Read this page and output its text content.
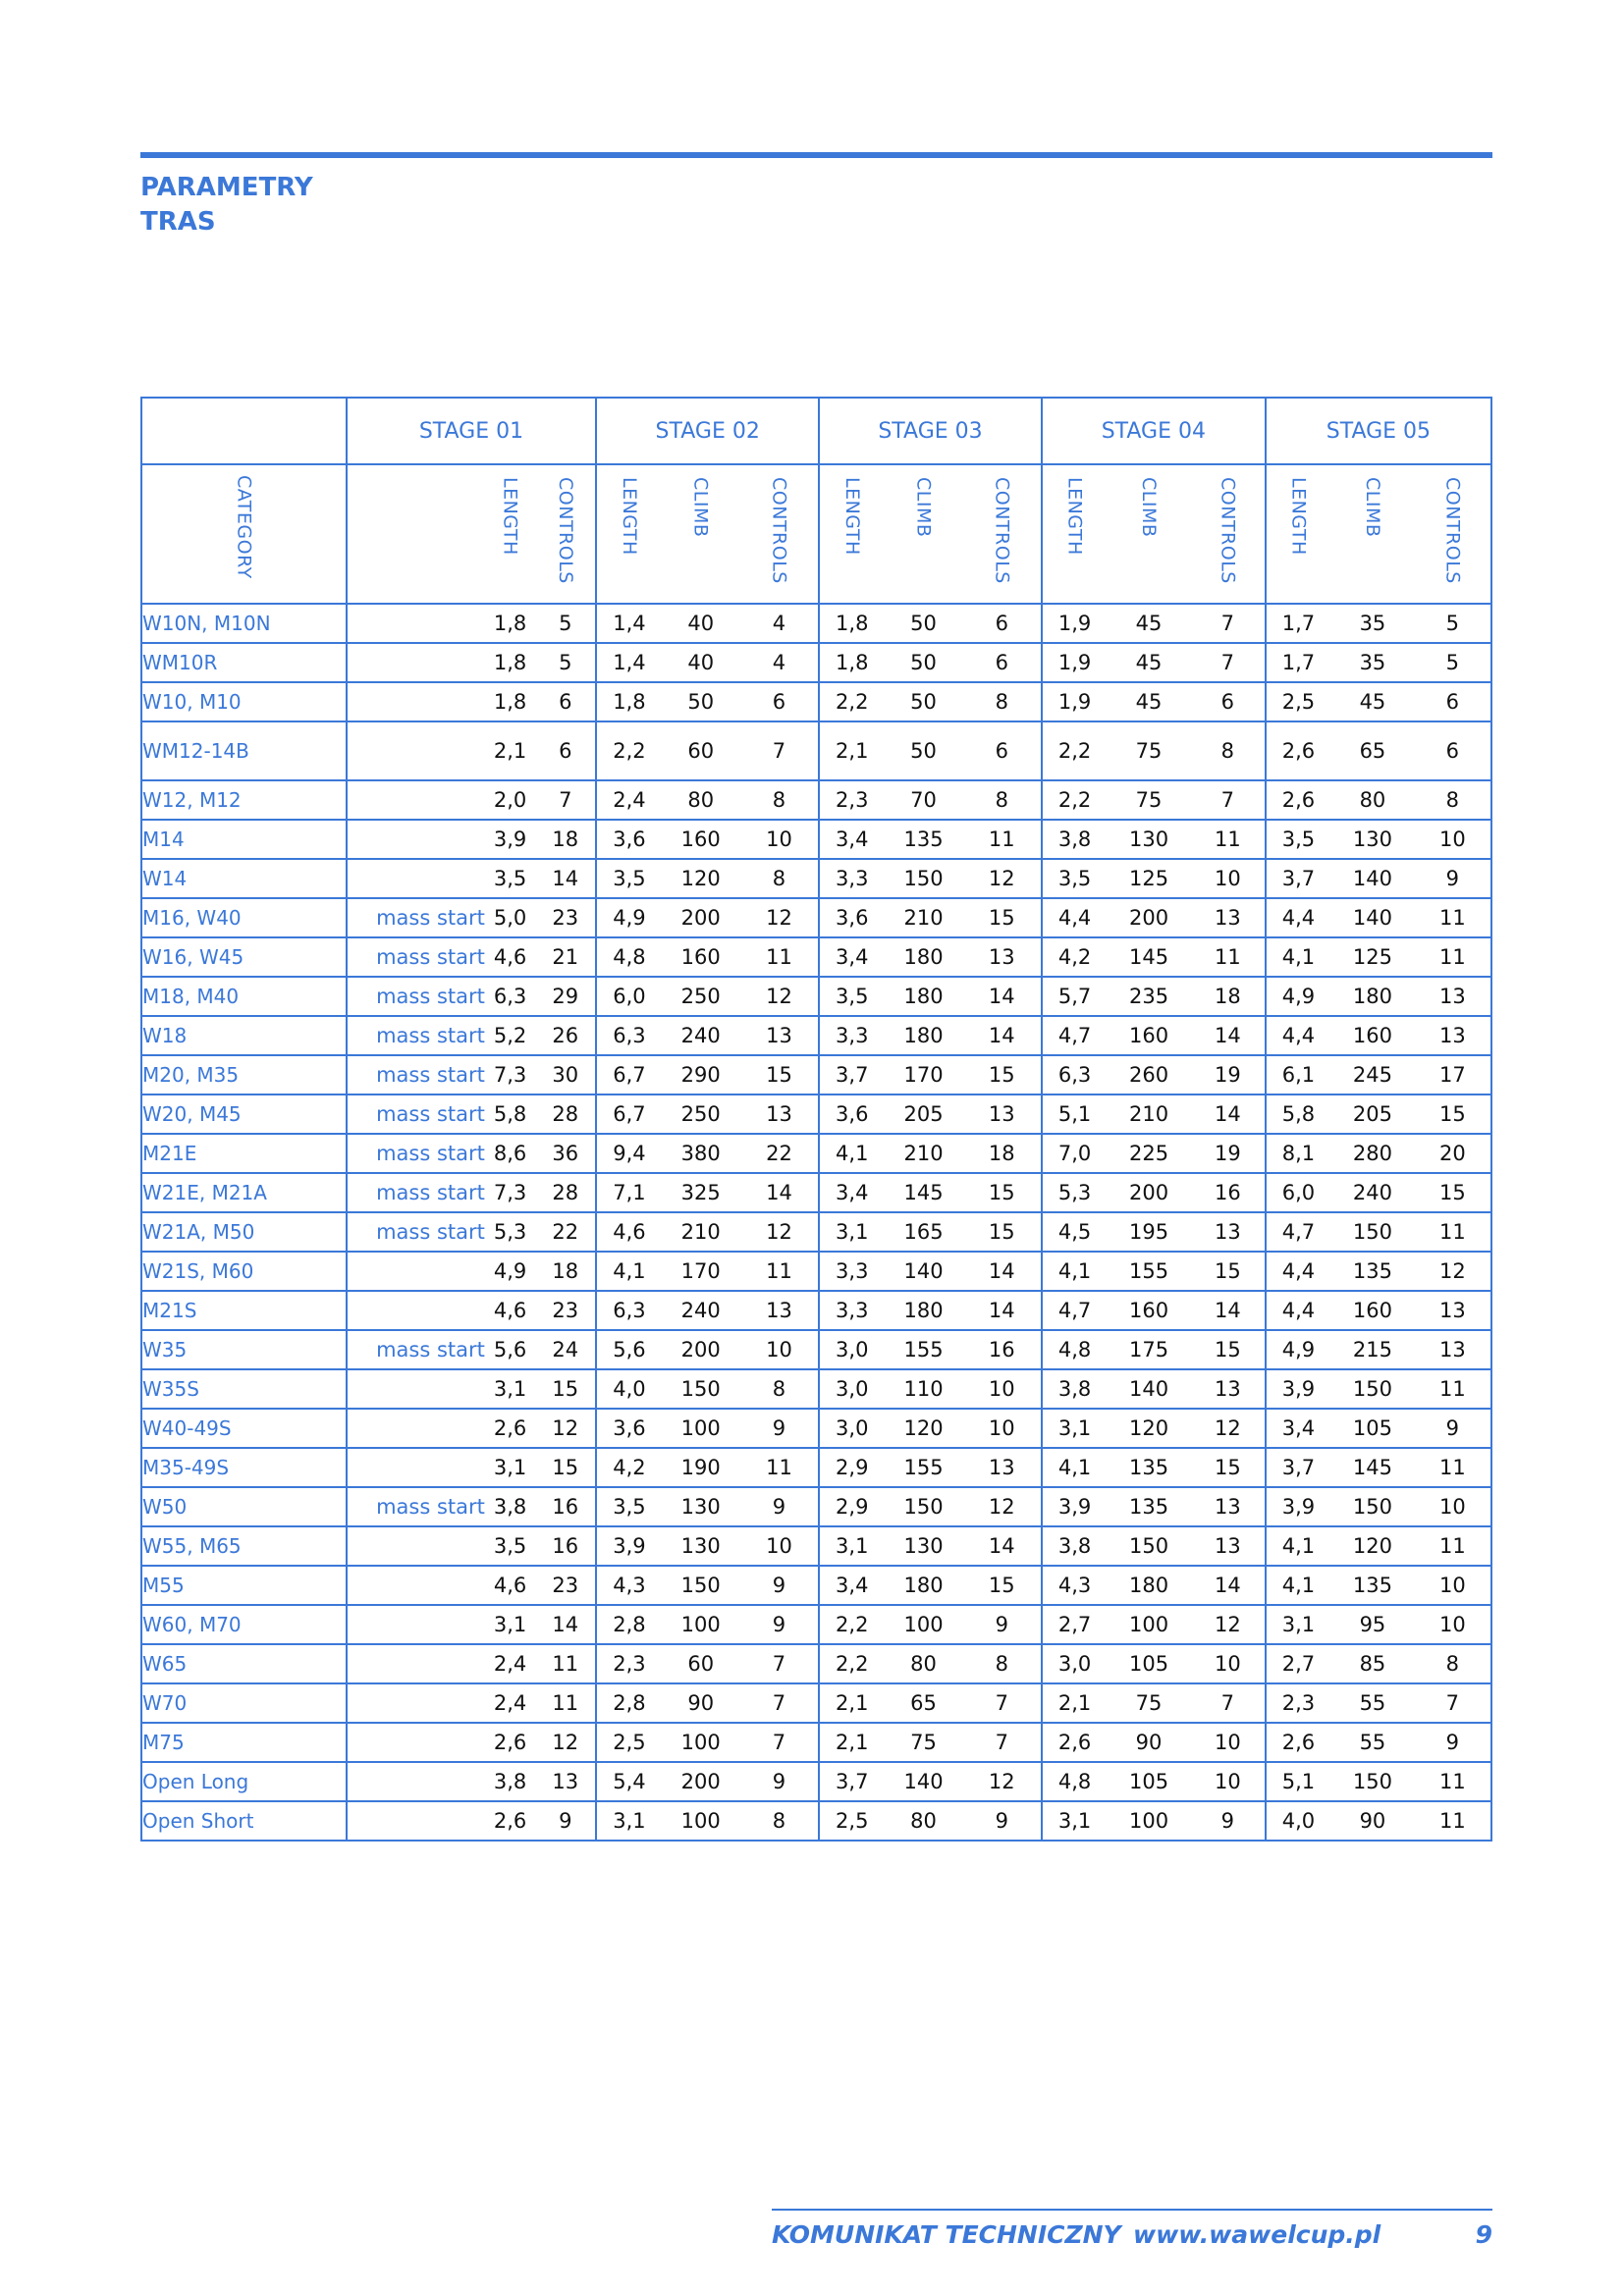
PARAMETRY
TRAS
	STAGE 01			STAGE 02			STAGE 03			STAGE 04			STAGE 05		
CATEGORY		LENGTH	CONTROLS	LENGTH	CLIMB	CONTROLS	LENGTH	CLIMB	CONTROLS	LENGTH	CLIMB	CONTROLS	LENGTH	CLIMB	CONTROLS
W10N, M10N		1,8	5	1,4	40	4	1,8	50	6	1,9	45	7	1,7	35	5
WM10R		1,8	5	1,4	40	4	1,8	50	6	1,9	45	7	1,7	35	5
W10, M10		1,8	6	1,8	50	6	2,2	50	8	1,9	45	6	2,5	45	6
WM12-14B		2,1	6	2,2	60	7	2,1	50	6	2,2	75	8	2,6	65	6
W12, M12		2,0	7	2,4	80	8	2,3	70	8	2,2	75	7	2,6	80	8
M14		3,9	18	3,6	160	10	3,4	135	11	3,8	130	11	3,5	130	10
W14		3,5	14	3,5	120	8	3,3	150	12	3,5	125	10	3,7	140	9
M16, W40	mass start	5,0	23	4,9	200	12	3,6	210	15	4,4	200	13	4,4	140	11
W16, W45	mass start	4,6	21	4,8	160	11	3,4	180	13	4,2	145	11	4,1	125	11
M18, M40	mass start	6,3	29	6,0	250	12	3,5	180	14	5,7	235	18	4,9	180	13
W18	mass start	5,2	26	6,3	240	13	3,3	180	14	4,7	160	14	4,4	160	13
M20, M35	mass start	7,3	30	6,7	290	15	3,7	170	15	6,3	260	19	6,1	245	17
W20, M45	mass start	5,8	28	6,7	250	13	3,6	205	13	5,1	210	14	5,8	205	15
M21E	mass start	8,6	36	9,4	380	22	4,1	210	18	7,0	225	19	8,1	280	20
W21E, M21A	mass start	7,3	28	7,1	325	14	3,4	145	15	5,3	200	16	6,0	240	15
W21A, M50	mass start	5,3	22	4,6	210	12	3,1	165	15	4,5	195	13	4,7	150	11
W21S, M60		4,9	18	4,1	170	11	3,3	140	14	4,1	155	15	4,4	135	12
M21S		4,6	23	6,3	240	13	3,3	180	14	4,7	160	14	4,4	160	13
W35	mass start	5,6	24	5,6	200	10	3,0	155	16	4,8	175	15	4,9	215	13
W35S		3,1	15	4,0	150	8	3,0	110	10	3,8	140	13	3,9	150	11
W40-49S		2,6	12	3,6	100	9	3,0	120	10	3,1	120	12	3,4	105	9
M35-49S		3,1	15	4,2	190	11	2,9	155	13	4,1	135	15	3,7	145	11
W50	mass start	3,8	16	3,5	130	9	2,9	150	12	3,9	135	13	3,9	150	10
W55, M65		3,5	16	3,9	130	10	3,1	130	14	3,8	150	13	4,1	120	11
M55		4,6	23	4,3	150	9	3,4	180	15	4,3	180	14	4,1	135	10
W60, M70		3,1	14	2,8	100	9	2,2	100	9	2,7	100	12	3,1	95	10
W65		2,4	11	2,3	60	7	2,2	80	8	3,0	105	10	2,7	85	8
W70		2,4	11	2,8	90	7	2,1	65	7	2,1	75	7	2,3	55	7
M75		2,6	12	2,5	100	7	2,1	75	7	2,6	90	10	2,6	55	9
Open Long		3,8	13	5,4	200	9	3,7	140	12	4,8	105	10	5,1	150	11
Open Short		2,6	9	3,1	100	8	2,5	80	9	3,1	100	9	4,0	90	11
KOMUNIKAT TECHNICZNY www.wawelcup.pl	9
